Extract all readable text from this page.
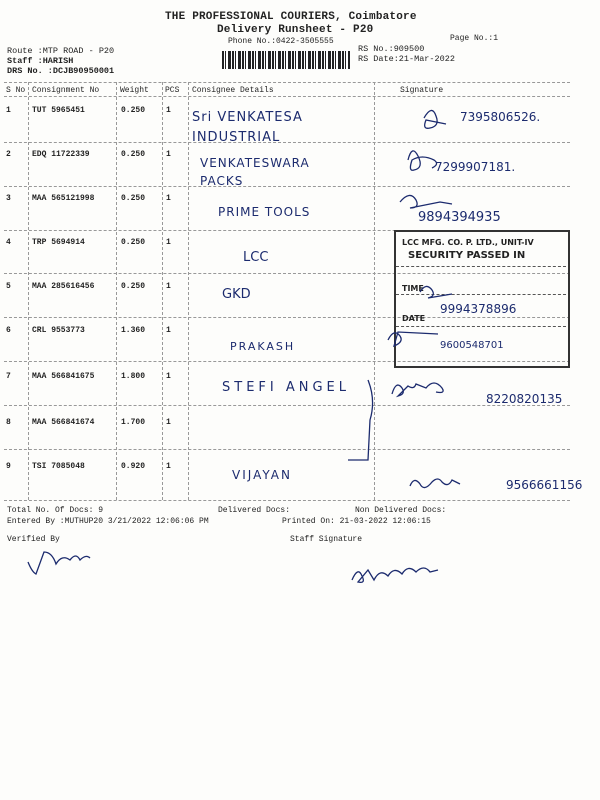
THE PROFESSIONAL COURIERS, Coimbatore
Delivery Runsheet - P20
Phone No.:0422-3505555	Page No.:1
Route :MTP ROAD - P20
Staff :HARISH
DRS No. :DCJB90950001
RS No.:909500
RS Date:21-Mar-2022
S No Consignment No	Weight PCS Consignee Details	Signature
1	TUT 5965451	0.250	1 Sri VENKATESA INDUSTRIAL
7395806526.
2	EDQ 11722339	0.250	1
VENKATESWARA PACKS
7299907181.
3	MAA 565121998	0.250	1
PRIME TOOLS	9894394935
4	TRP 5694914	0.250	1
LCC
5	MAA 285616456	0.250	1
GKD
9994378896
6	CRL 9553773	1.360	1
PRAKASH	9600548701
7	MAA 566841675	1.800	1
STEFI ANGEL
8220820135
8	MAA 566841674	1.700	1
9	TSI 7085048	0.920	1
VIJAYAN
9566661156
LCC MFG. CO. P. LTD., UNIT-IV
SECURITY PASSED IN
TIME
DATE
Total No. Of Docs: 9	Delivered Docs:	Non Delivered Docs:
Entered By :MUTHUP20 3/21/2022 12:06:06 PM	Printed On: 21-03-2022 12:06:15
Verified By	Staff Signature
